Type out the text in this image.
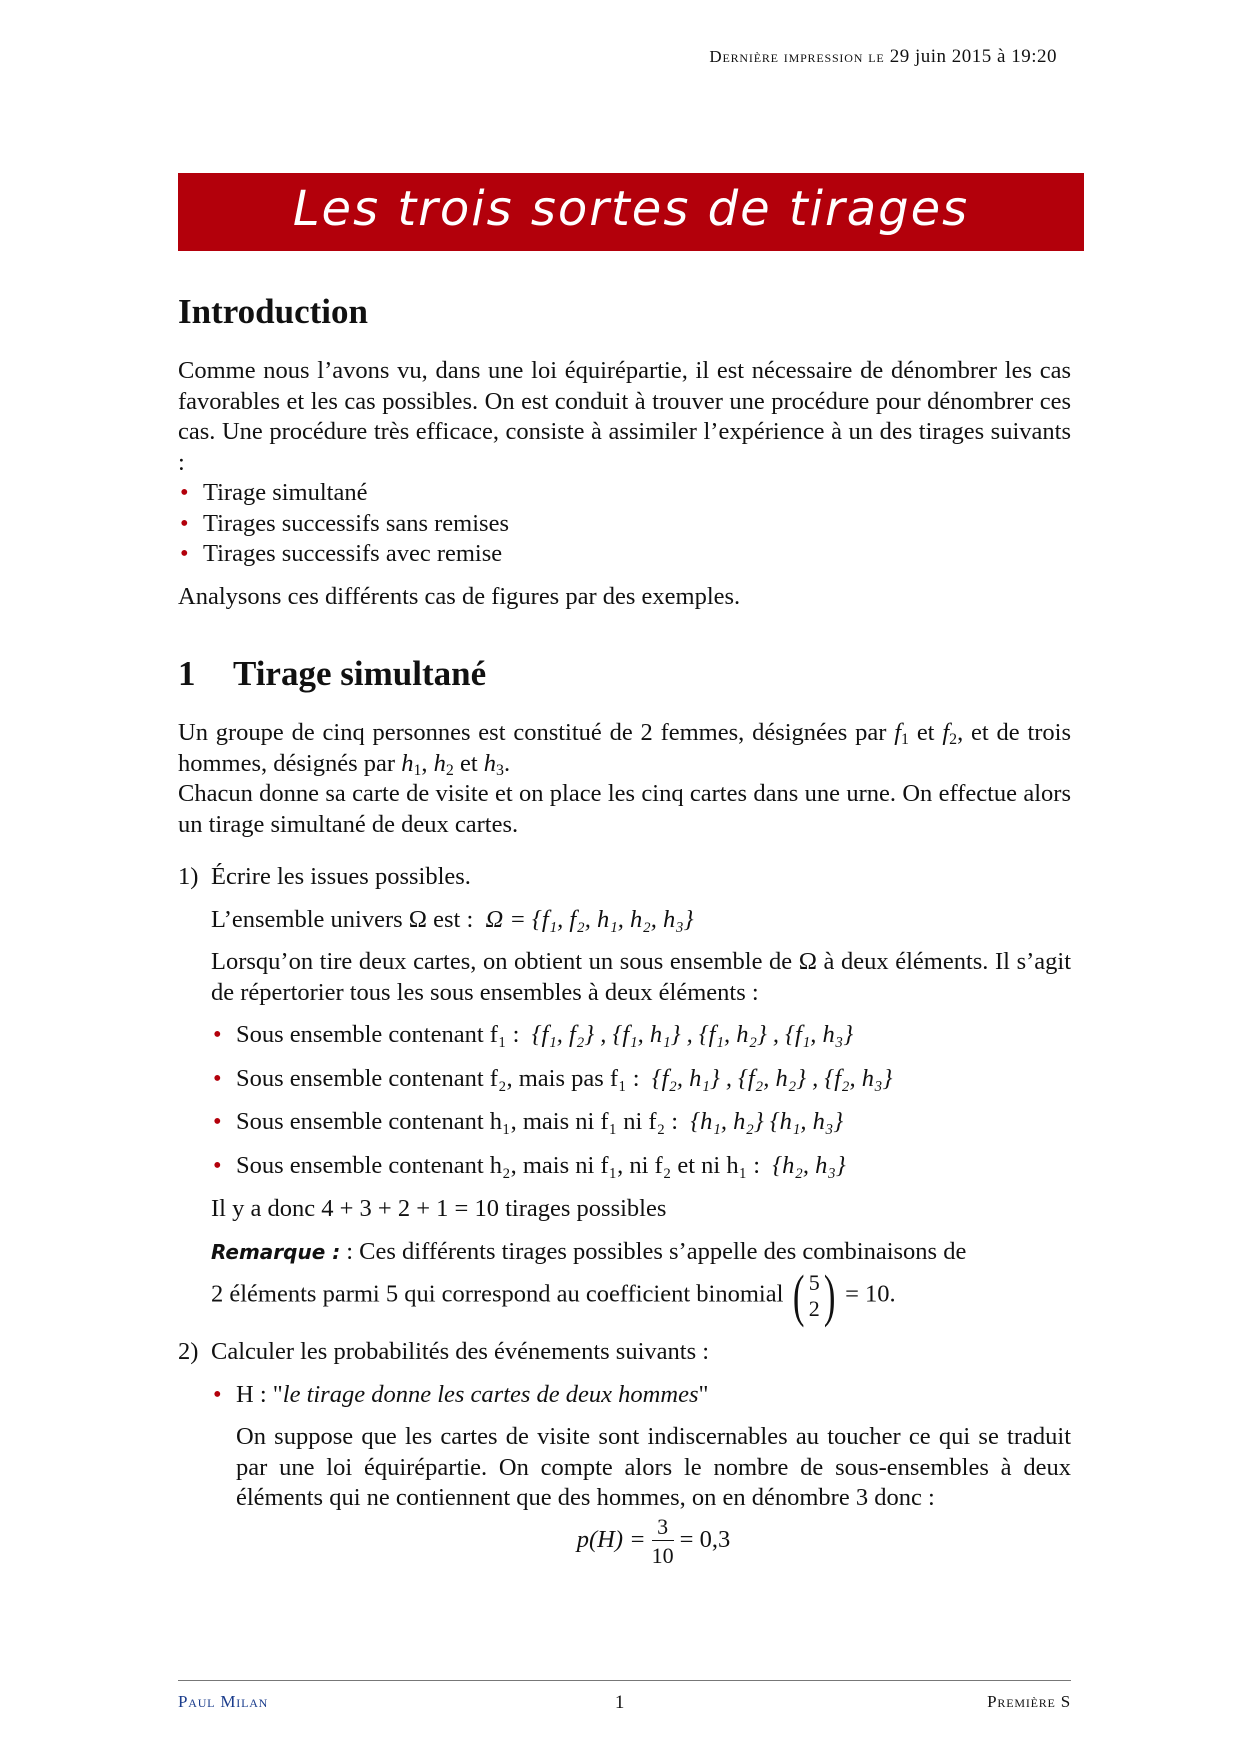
Dernière impression le 29 juin 2015 à 19:20
Les trois sortes de tirages
Introduction

Comme nous l’avons vu, dans une loi équirépartie, il est nécessaire de dénombrer les cas favorables et les cas possibles. On est conduit à trouver une procédure pour dénombrer ces cas. Une procédure très efficace, consiste à assimiler l’expérience à un des tirages suivants :

• Tirage simultané
• Tirages successifs sans remises
• Tirages successifs avec remise

Analysons ces différents cas de figures par des exemples.

1 Tirage simultané

Un groupe de cinq personnes est constitué de 2 femmes, désignées par $f_1$ et $f_2$, et de trois hommes, désignés par $h_1$, $h_2$ et $h_3$.

Chacun donne sa carte de visite et on place les cinq cartes dans une urne. On effectue alors un tirage simultané de deux cartes.

1) Écrire les issues possibles.
L’ensemble univers Ω est : Ω = {f₁, f₂, h₁, h₂, h₃}

Lorsqu’on tire deux cartes, on obtient un sous ensemble de Ω à deux éléments. Il s’agit de répertorier tous les sous ensembles à deux éléments :

• Sous ensemble contenant f₁ : {f₁, f₂} , {f₁, h₁} , {f₁, h₂} , {f₁, h₃}
• Sous ensemble contenant f₂, mais pas f₁ : {f₂, h₁} , {f₂, h₂} , {f₂, h₃}
• Sous ensemble contenant h₁, mais ni f₁ ni f₂ : {h₁, h₂} {h₁, h₃}
• Sous ensemble contenant h₂, mais ni f₁, ni f₂ et ni h₁ : {h₂, h₃}
Il y a donc 4 + 3 + 2 + 1 = 10 tirages possibles
Remarque : : Ces différents tirages possibles s’appelle des combinaisons de
2 éléments parmi 5 qui correspond au coefficient binomial ( 5
2 ) = 10.
2) Calculer les probabilités des événements suivants :
• H : "le tirage donne les cartes de deux hommes"

On suppose que les cartes de visite sont indiscernables au toucher ce qui se traduit par une loi équirépartie. On compte alors le nombre de sous-ensembles à deux éléments qui ne contiennent que des hommes, on en dénombre 3 donc :

$p(H) = \frac{3}{10} = 0,3$
Paul Milan	1	Première S
